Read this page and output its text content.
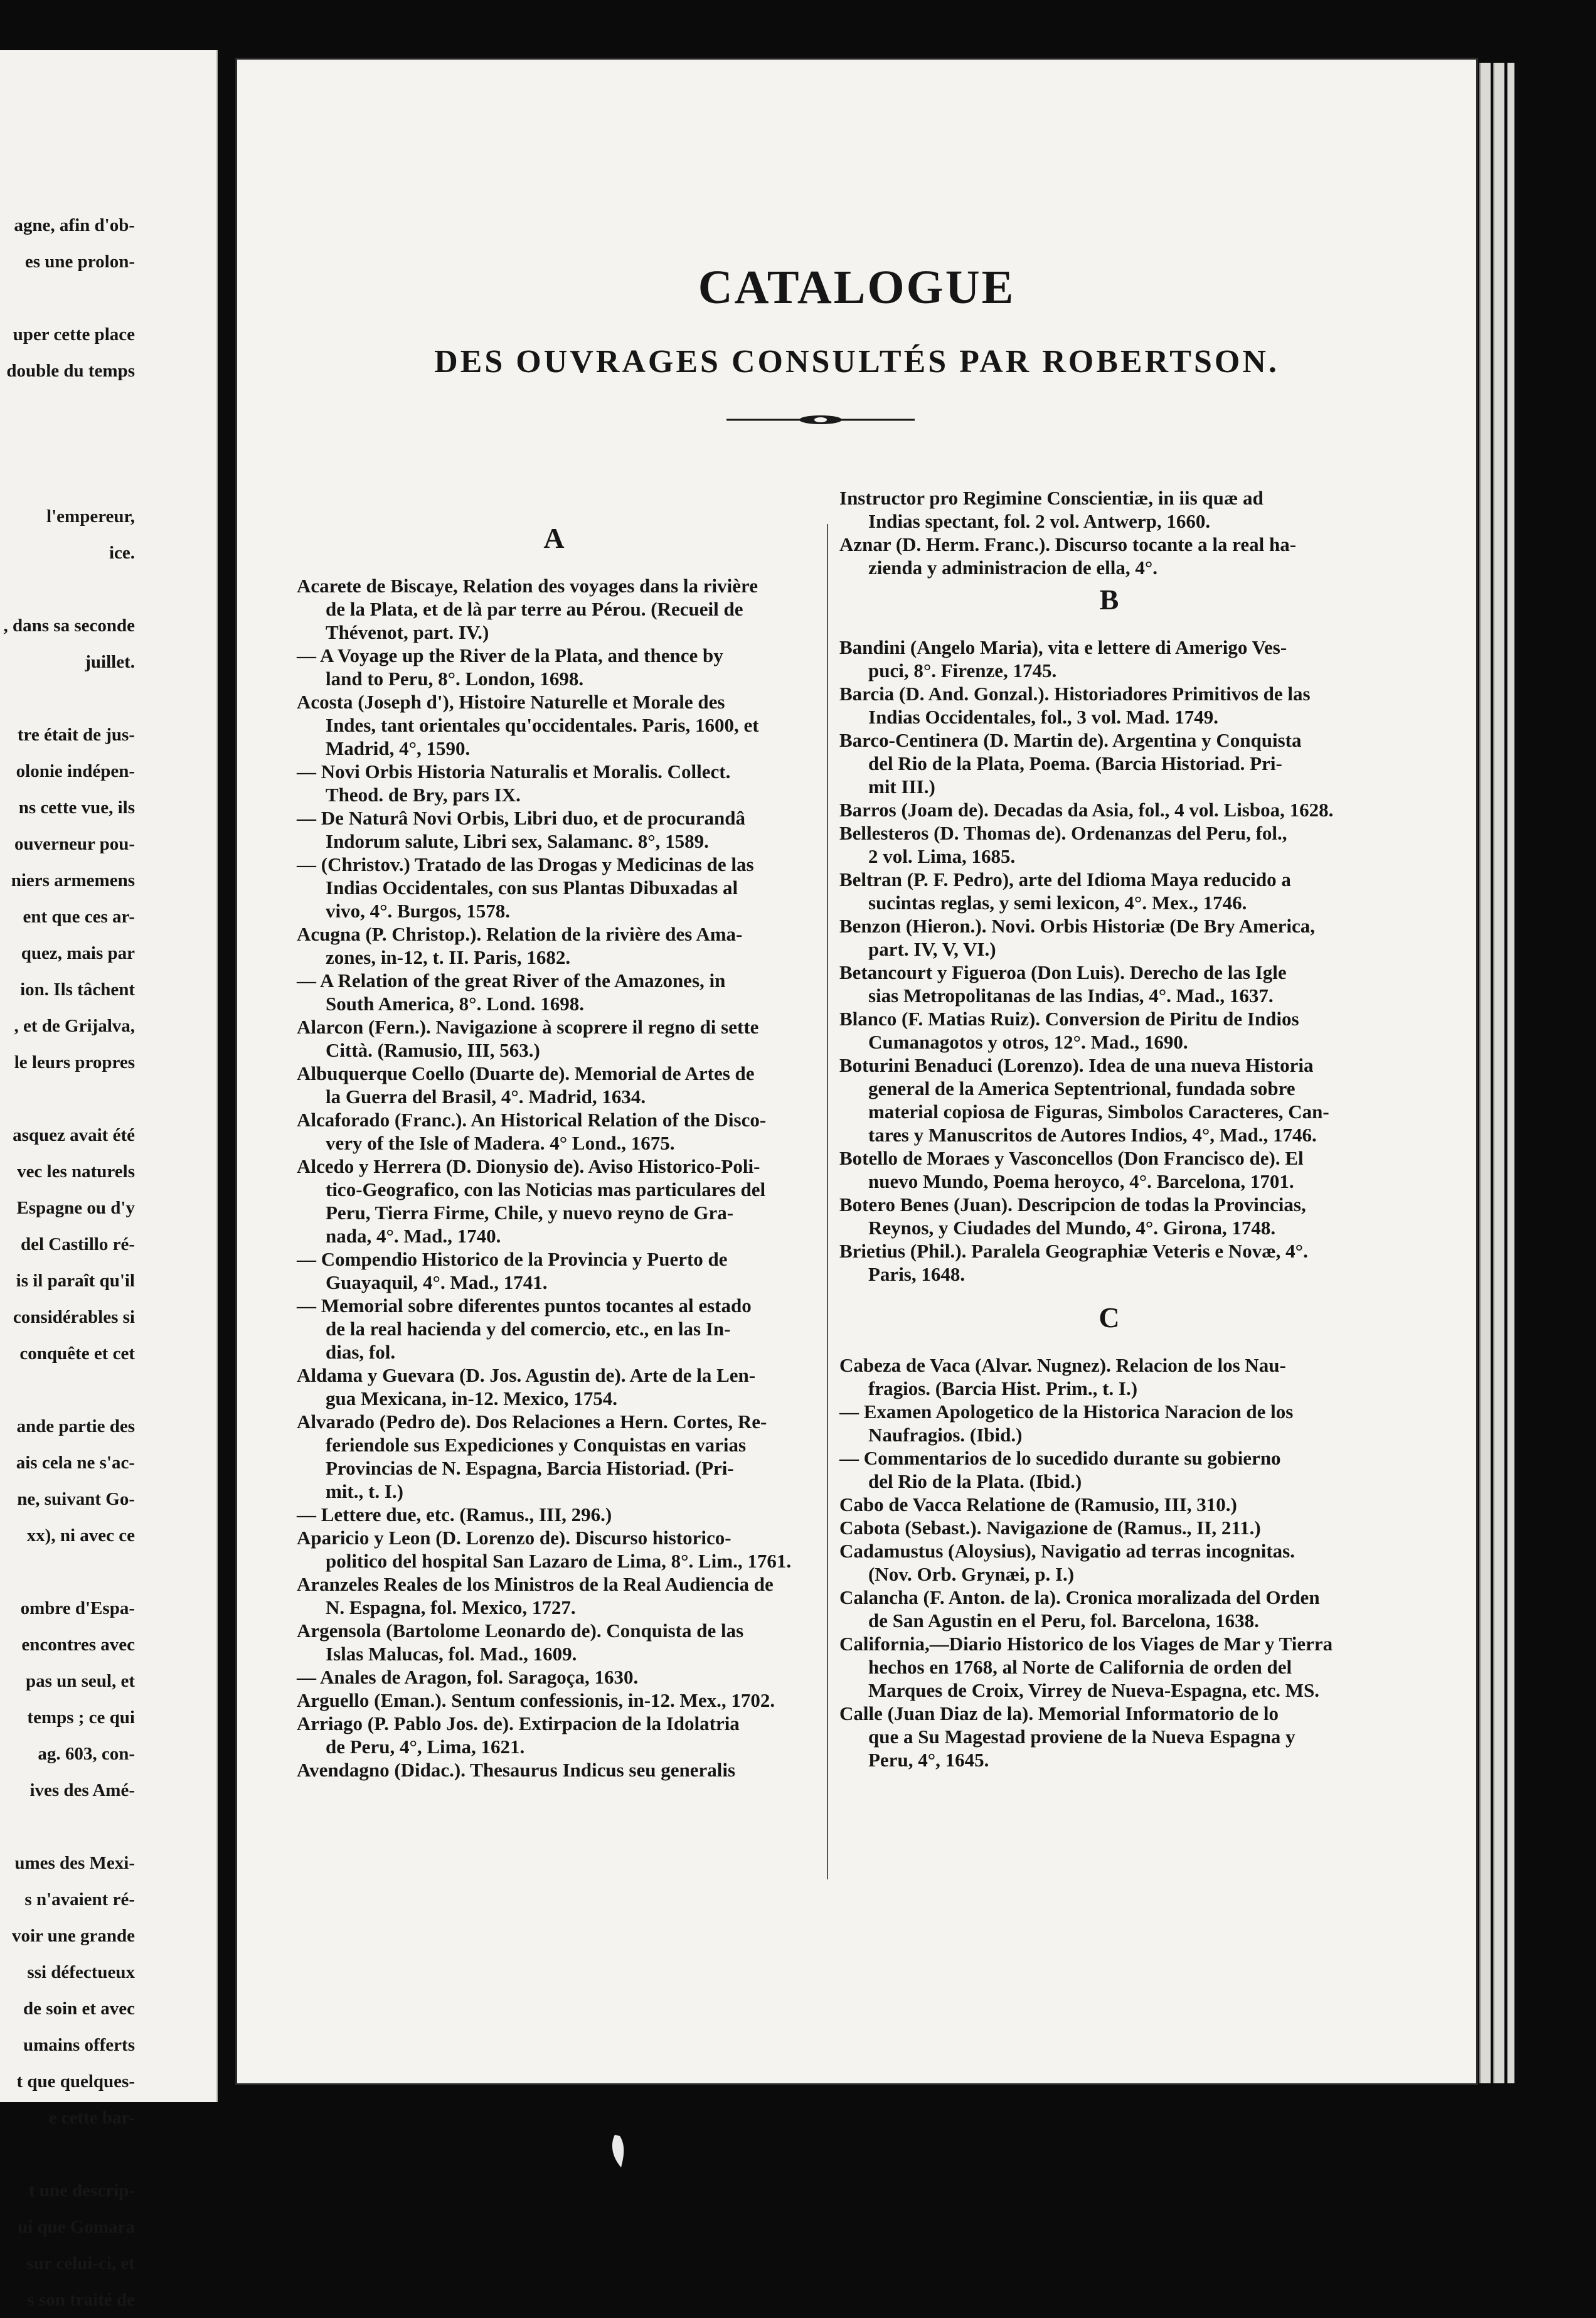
agne, afin d'ob-
es une prolon-
uper cette place
double du temps
l'empereur,
ice.
, dans sa seconde
juillet.
tre était de jus-
olonie indépen-
ns cette vue, ils
ouverneur pou-
niers armemens
ent que ces ar-
quez, mais par
ion. Ils tâchent
, et de Grijalva,
le leurs propres
asquez avait été
vec les naturels
Espagne ou d'y
del Castillo ré-
is il paraît qu'il
considérables si
conquête et cet
ande partie des
ais cela ne s'ac-
ne, suivant Go-
xx), ni avec ce
ombre d'Espa-
encontres avec
pas un seul, et
temps ; ce qui
ag. 603, con-
ives des Amé-
umes des Mexi-
s n'avaient ré-
voir une grande
ssi défectueux
de soin et avec
umains offerts
t que quelques-
e cette bar-
t une descrip-
ui que Gomara
sur celui-ci, et
s son traité de
CATALOGUE
DES OUVRAGES CONSULTÉS PAR ROBERTSON.
A
Acarete de Biscaye, Relation des voyages dans la rivière
de la Plata, et de là par terre au Pérou. (Recueil de
Thévenot, part. IV.)
— A Voyage up the River de la Plata, and thence by
land to Peru, 8°. London, 1698.
Acosta (Joseph d'), Histoire Naturelle et Morale des
Indes, tant orientales qu'occidentales. Paris, 1600, et
Madrid, 4°, 1590.
— Novi Orbis Historia Naturalis et Moralis. Collect.
Theod. de Bry, pars IX.
— De Naturâ Novi Orbis, Libri duo, et de procurandâ
Indorum salute, Libri sex, Salamanc. 8°, 1589.
— (Christov.) Tratado de las Drogas y Medicinas de las
Indias Occidentales, con sus Plantas Dibuxadas al
vivo, 4°. Burgos, 1578.
Acugna (P. Christop.). Relation de la rivière des Ama-
zones, in-12, t. II. Paris, 1682.
— A Relation of the great River of the Amazones, in
South America, 8°. Lond. 1698.
Alarcon (Fern.). Navigazione à scoprere il regno di sette
Città. (Ramusio, III, 563.)
Albuquerque Coello (Duarte de). Memorial de Artes de
la Guerra del Brasil, 4°. Madrid, 1634.
Alcaforado (Franc.). An Historical Relation of the Disco-
very of the Isle of Madera. 4° Lond., 1675.
Alcedo y Herrera (D. Dionysio de). Aviso Historico-Poli-
tico-Geografico, con las Noticias mas particulares del
Peru, Tierra Firme, Chile, y nuevo reyno de Gra-
nada, 4°. Mad., 1740.
— Compendio Historico de la Provincia y Puerto de
Guayaquil, 4°. Mad., 1741.
— Memorial sobre diferentes puntos tocantes al estado
de la real hacienda y del comercio, etc., en las In-
dias, fol.
Aldama y Guevara (D. Jos. Agustin de). Arte de la Len-
gua Mexicana, in-12. Mexico, 1754.
Alvarado (Pedro de). Dos Relaciones a Hern. Cortes, Re-
feriendole sus Expediciones y Conquistas en varias
Provincias de N. Espagna, Barcia Historiad. (Pri-
mit., t. I.)
— Lettere due, etc. (Ramus., III, 296.)
Aparicio y Leon (D. Lorenzo de). Discurso historico-
politico del hospital San Lazaro de Lima, 8°. Lim., 1761.
Aranzeles Reales de los Ministros de la Real Audiencia de
N. Espagna, fol. Mexico, 1727.
Argensola (Bartolome Leonardo de). Conquista de las
Islas Malucas, fol. Mad., 1609.
— Anales de Aragon, fol. Saragoça, 1630.
Arguello (Eman.). Sentum confessionis, in-12. Mex., 1702.
Arriago (P. Pablo Jos. de). Extirpacion de la Idolatria
de Peru, 4°, Lima, 1621.
Avendagno (Didac.). Thesaurus Indicus seu generalis
Instructor pro Regimine Conscientiæ, in iis quæ ad
Indias spectant, fol. 2 vol. Antwerp, 1660.
Aznar (D. Herm. Franc.). Discurso tocante a la real ha-
zienda y administracion de ella, 4°.
B
Bandini (Angelo Maria), vita e lettere di Amerigo Ves-
puci, 8°. Firenze, 1745.
Barcia (D. And. Gonzal.). Historiadores Primitivos de las
Indias Occidentales, fol., 3 vol. Mad. 1749.
Barco-Centinera (D. Martin de). Argentina y Conquista
del Rio de la Plata, Poema. (Barcia Historiad. Pri-
mit III.)
Barros (Joam de). Decadas da Asia, fol., 4 vol. Lisboa, 1628.
Bellesteros (D. Thomas de). Ordenanzas del Peru, fol.,
2 vol. Lima, 1685.
Beltran (P. F. Pedro), arte del Idioma Maya reducido a
sucintas reglas, y semi lexicon, 4°. Mex., 1746.
Benzon (Hieron.). Novi. Orbis Historiæ (De Bry America,
part. IV, V, VI.)
Betancourt y Figueroa (Don Luis). Derecho de las Igle
sias Metropolitanas de las Indias, 4°. Mad., 1637.
Blanco (F. Matias Ruiz). Conversion de Piritu de Indios
Cumanagotos y otros, 12°. Mad., 1690.
Boturini Benaduci (Lorenzo). Idea de una nueva Historia
general de la America Septentrional, fundada sobre
material copiosa de Figuras, Simbolos Caracteres, Can-
tares y Manuscritos de Autores Indios, 4°, Mad., 1746.
Botello de Moraes y Vasconcellos (Don Francisco de). El
nuevo Mundo, Poema heroyco, 4°. Barcelona, 1701.
Botero Benes (Juan). Descripcion de todas la Provincias,
Reynos, y Ciudades del Mundo, 4°. Girona, 1748.
Brietius (Phil.). Paralela Geographiæ Veteris e Novæ, 4°.
Paris, 1648.
C
Cabeza de Vaca (Alvar. Nugnez). Relacion de los Nau-
fragios. (Barcia Hist. Prim., t. I.)
— Examen Apologetico de la Historica Naracion de los
Naufragios. (Ibid.)
— Commentarios de lo sucedido durante su gobierno
del Rio de la Plata. (Ibid.)
Cabo de Vacca Relatione de (Ramusio, III, 310.)
Cabota (Sebast.). Navigazione de (Ramus., II, 211.)
Cadamustus (Aloysius), Navigatio ad terras incognitas.
(Nov. Orb. Grynæi, p. I.)
Calancha (F. Anton. de la). Cronica moralizada del Orden
de San Agustin en el Peru, fol. Barcelona, 1638.
California,—Diario Historico de los Viages de Mar y Tierra
hechos en 1768, al Norte de California de orden del
Marques de Croix, Virrey de Nueva-Espagna, etc. MS.
Calle (Juan Diaz de la). Memorial Informatorio de lo
que a Su Magestad proviene de la Nueva Espagna y
Peru, 4°, 1645.
